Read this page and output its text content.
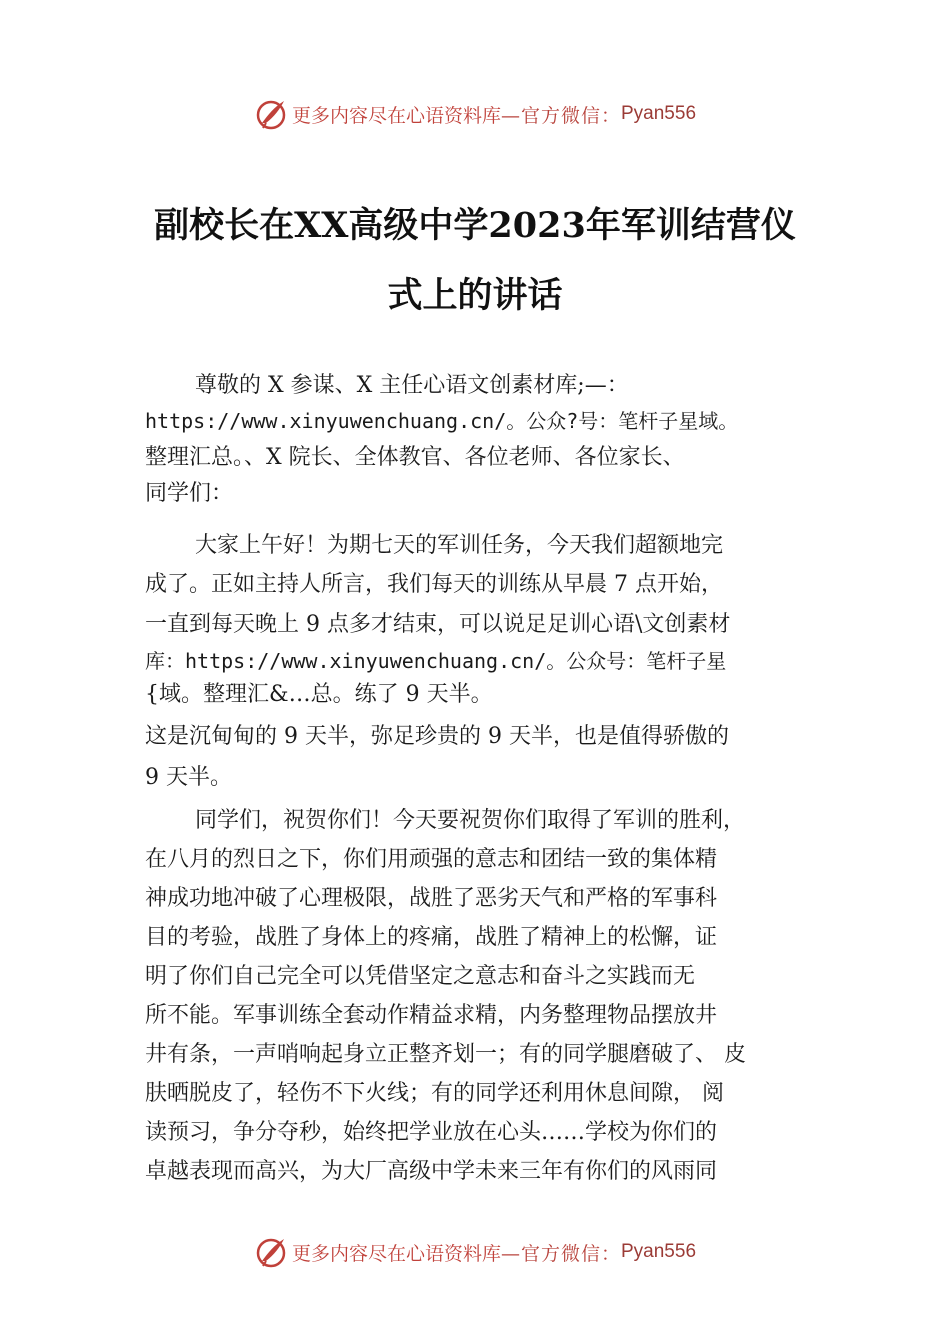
更多内容尽在心语资料库 —官方微信： Pyan556
副校长在XX高级中学2023年军训结营仪
式上的讲话
尊敬的 X 参谋、X 主任心语文创素材库;—：
https://www.xinyuwenchuang.cn/。公众?号：笔杆子星域。
整理汇总。、X 院长、全体教官、各位老师、各位家长、
同学们：
大家上午好！为期七天的军训任务，今天我们超额地完
成了。正如主持人所言，我们每天的训练从早晨 7 点开始，
一直到每天晚上 9 点多才结束，可以说足足训心语\文创素材
库：https://www.xinyuwenchuang.cn/。公众号：笔杆子星
{域。整理汇&…总。练了 9 天半。
这是沉甸甸的 9 天半，弥足珍贵的 9 天半，也是值得骄傲的
9 天半。
同学们，祝贺你们！今天要祝贺你们取得了军训的胜利，
在八月的烈日之下，你们用顽强的意志和团结一致的集体精
神成功地冲破了心理极限，战胜了恶劣天气和严格的军事科
目的考验，战胜了身体上的疼痛，战胜了精神上的松懈，证
明了你们自己完全可以凭借坚定之意志和奋斗之实践而无
所不能。军事训练全套动作精益求精，内务整理物品摆放井
井有条，一声哨响起身立正整齐划一；有的同学腿磨破了、 皮
肤晒脱皮了，轻伤不下火线；有的同学还利用休息间隙， 阅
读预习，争分夺秒，始终把学业放在心头……学校为你们的
卓越表现而高兴，为大厂高级中学未来三年有你们的风雨同
更多内容尽在心语资料库 —官方微信： Pyan556
